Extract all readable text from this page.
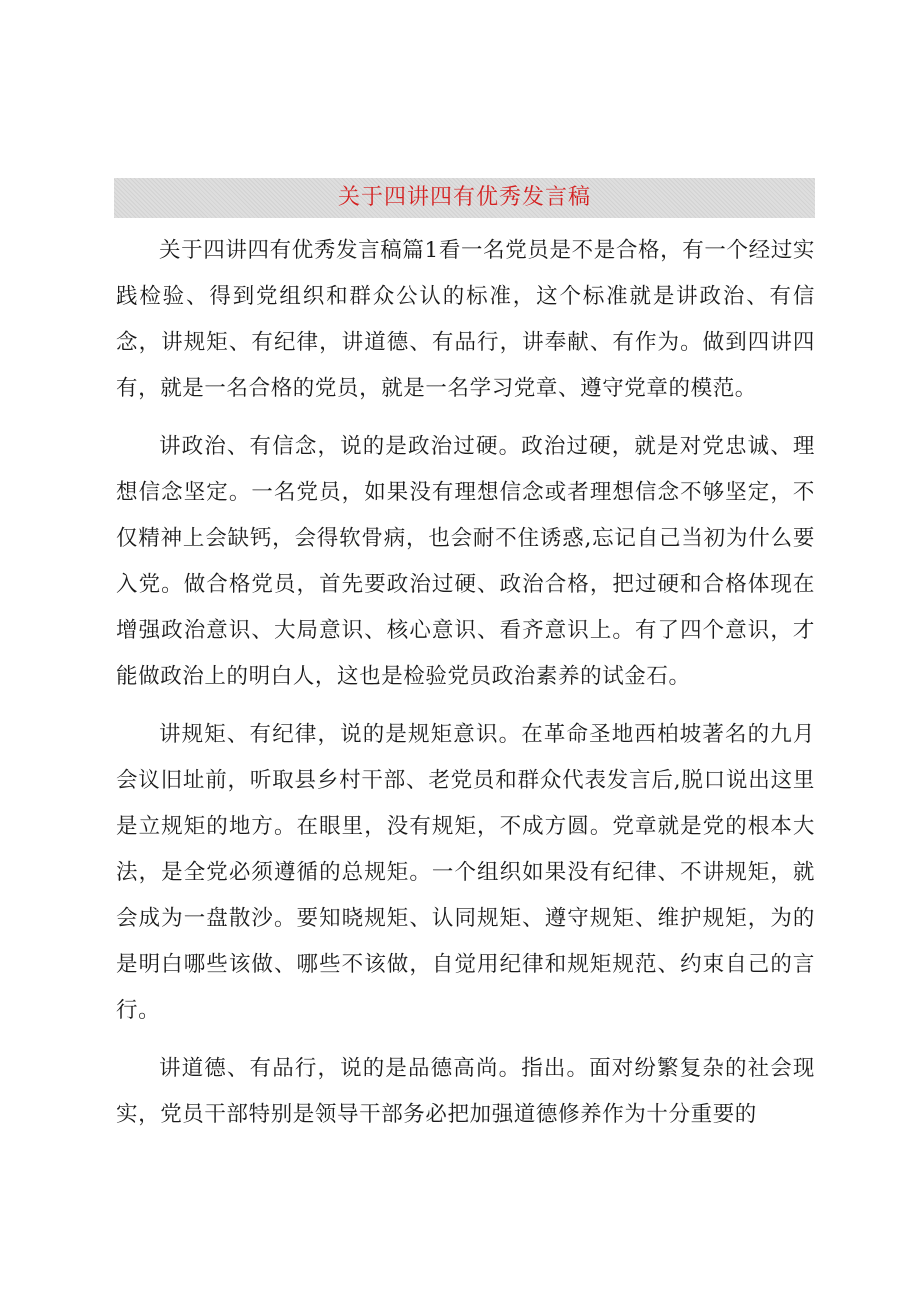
关于四讲四有优秀发言稿

关于四讲四有优秀发言稿篇1看一名党员是不是合格，有一个经过实践检验、得到党组织和群众公认的标准，这个标准就是讲政治、有信念，讲规矩、有纪律，讲道德、有品行，讲奉献、有作为。做到四讲四有，就是一名合格的党员，就是一名学习党章、遵守党章的模范。

讲政治、有信念，说的是政治过硬。政治过硬，就是对党忠诚、理想信念坚定。一名党员，如果没有理想信念或者理想信念不够坚定，不仅精神上会缺钙，会得软骨病，也会耐不住诱惑,忘记自己当初为什么要入党。做合格党员，首先要政治过硬、政治合格，把过硬和合格体现在增强政治意识、大局意识、核心意识、看齐意识上。有了四个意识，才能做政治上的明白人，这也是检验党员政治素养的试金石。

讲规矩、有纪律，说的是规矩意识。在革命圣地西柏坡著名的九月会议旧址前，听取县乡村干部、老党员和群众代表发言后,脱口说出这里是立规矩的地方。在眼里，没有规矩，不成方圆。党章就是党的根本大法，是全党必须遵循的总规矩。一个组织如果没有纪律、不讲规矩，就会成为一盘散沙。要知晓规矩、认同规矩、遵守规矩、维护规矩，为的是明白哪些该做、哪些不该做，自觉用纪律和规矩规范、约束自己的言行。

讲道德、有品行，说的是品德高尚。指出。面对纷繁复杂的社会现实，党员干部特别是领导干部务必把加强道德修养作为十分重要的
